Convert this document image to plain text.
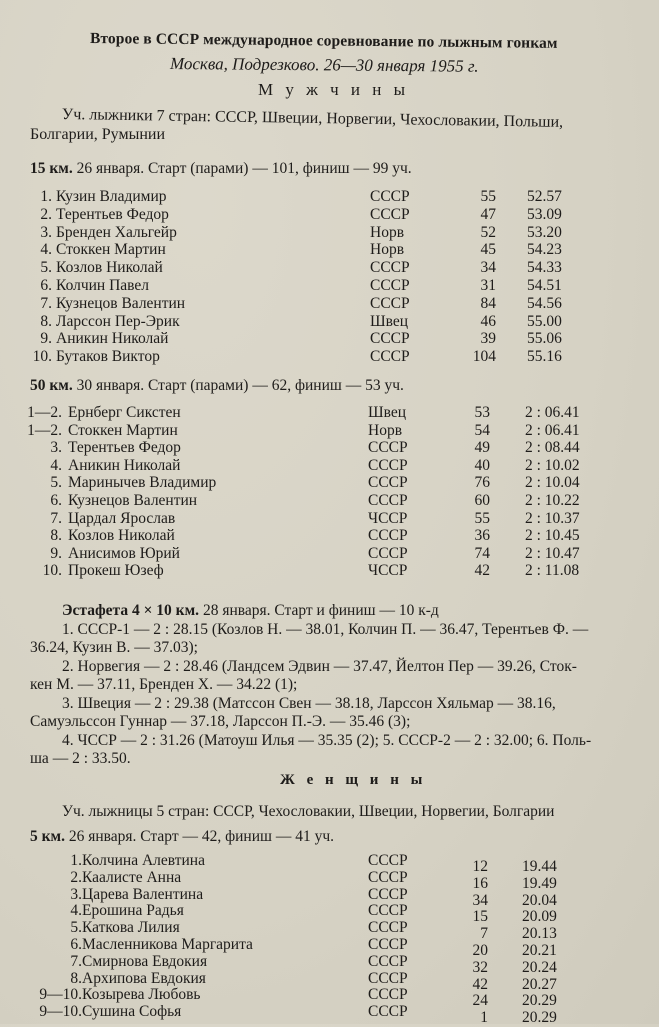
Второе в СССР международное соревнование по лыжным гонкам
Москва, Подрезково. 26—30 января 1955 г.
М у ж ч и н ы
Уч. лыжники 7 стран: СССР, Швеции, Норвегии, Чехословакии, Польши,
Болгарии, Румынии
15 км. 26 января. Старт (парами) — 101, финиш — 99 уч.
1. Кузин Владимир	СССР	55 52.57
2. Терентьев Федор	СССР	47 53.09
3. Бренден Хальгейр	Норв	52 53.20
4. Стоккен Мартин	Норв	45 54.23
5. Козлов Николай	СССР	34 54.33
6. Колчин Павел	СССР	31 54.51
7. Кузнецов Валентин	СССР	84 54.56
8. Ларссон Пер-Эрик	Швец	46 55.00
9. Аникин Николай	СССР	39 55.06
10. Бутаков Виктор	СССР	104 55.16
50 км. 30 января. Старт (парами) — 62, финиш — 53 уч.
1—2. Ернберг Сикстен	Швец	53 2 : 06.41
1—2. Стоккен Мартин	Норв	54 2 : 06.41
3. Терентьев Федор	СССР	49 2 : 08.44
4. Аникин Николай	СССР	40 2 : 10.02
5. Маринычев Владимир	СССР	76 2 : 10.04
6. Кузнецов Валентин	СССР	60 2 : 10.22
7. Цардал Ярослав	ЧССР	55 2 : 10.37
8. Козлов Николай	СССР	36 2 : 10.45
9. Анисимов Юрий	СССР	74 2 : 10.47
10. Прокеш Юзеф	ЧССР	42 2 : 11.08
Эстафета 4 × 10 км. 28 января. Старт и финиш — 10 к-д
1. СССР-1 — 2 : 28.15 (Козлов Н. — 38.01, Колчин П. — 36.47, Терентьев Ф. —
36.24, Кузин В. — 37.03);
2. Норвегия — 2 : 28.46 (Ландсем Эдвин — 37.47, Йелтон Пер — 39.26, Сток-
кен М. — 37.11, Бренден Х. — 34.22 (1);
3. Швеция — 2 : 29.38 (Матссон Свен — 38.18, Ларссон Хяльмар — 38.16,
Самуэльссон Гуннар — 37.18, Ларссон П.-Э. — 35.46 (3);
4. ЧССР — 2 : 31.26 (Матоуш Илья — 35.35 (2); 5. СССР-2 — 2 : 32.00; 6. Поль-
ша — 2 : 33.50.
Ж е н щ и н ы
Уч. лыжницы 5 стран: СССР, Чехословакии, Швеции, Норвегии, Болгарии
5 км. 26 января. Старт — 42, финиш — 41 уч.
1. Колчина Алевтина	СССР	12 19.44
2. Каалисте Анна	СССР	16 19.49
3. Царева Валентина	СССР	34 20.04
4. Ерошина Радья	СССР	15 20.09
5. Каткова Лилия	СССР	7 20.13
6. Масленникова Маргарита	СССР	20 20.21
7. Смирнова Евдокия	СССР	32 20.24
8. Архипова Евдокия	СССР	42 20.27
9—10. Козырева Любовь	СССР	24 20.29
9—10. Сушина Софья	СССР	1 20.29
